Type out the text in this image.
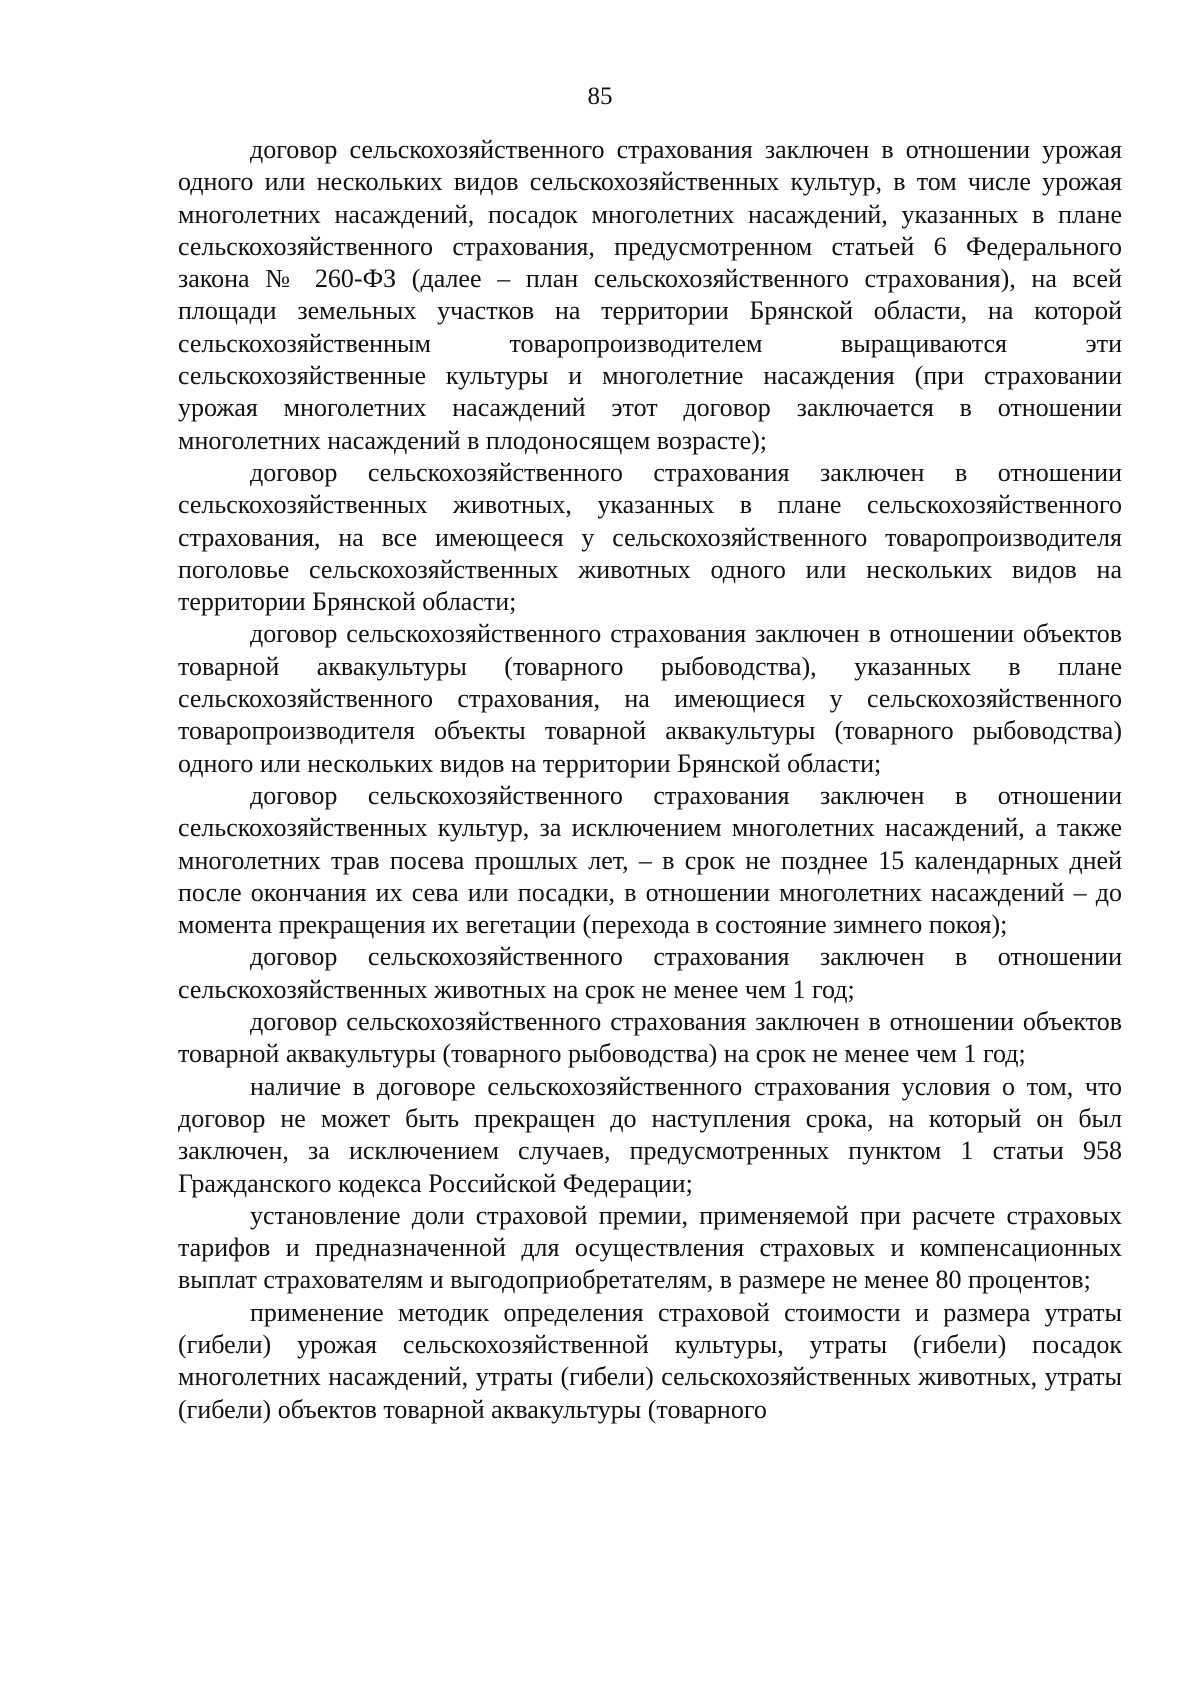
85

договор сельскохозяйственного страхования заключен в отношении урожая одного или нескольких видов сельскохозяйственных культур, в том числе урожая многолетних насаждений, посадок многолетних насаждений, указанных в плане сельскохозяйственного страхования, предусмотренном статьей 6 Федерального закона № 260-ФЗ (далее – план сельскохозяйственного страхования), на всей площади земельных участков на территории Брянской области, на которой сельскохозяйственным товаропроизводителем выращиваются эти сельскохозяйственные культуры и многолетние насаждения (при страховании урожая многолетних насаждений этот договор заключается в отношении многолетних насаждений в плодоносящем возрасте);

договор сельскохозяйственного страхования заключен в отношении сельскохозяйственных животных, указанных в плане сельскохозяйственного страхования, на все имеющееся у сельскохозяйственного товаропроизводителя поголовье сельскохозяйственных животных одного или нескольких видов на территории Брянской области;

договор сельскохозяйственного страхования заключен в отношении объектов товарной аквакультуры (товарного рыбоводства), указанных в плане сельскохозяйственного страхования, на имеющиеся у сельскохозяйственного товаропроизводителя объекты товарной аквакультуры (товарного рыбоводства) одного или нескольких видов на территории Брянской области;

договор сельскохозяйственного страхования заключен в отношении сельскохозяйственных культур, за исключением многолетних насаждений, а также многолетних трав посева прошлых лет, – в срок не позднее 15 календарных дней после окончания их сева или посадки, в отношении многолетних насаждений – до момента прекращения их вегетации (перехода в состояние зимнего покоя);

договор сельскохозяйственного страхования заключен в отношении сельскохозяйственных животных на срок не менее чем 1 год;

договор сельскохозяйственного страхования заключен в отношении объектов товарной аквакультуры (товарного рыбоводства) на срок не менее чем 1 год;

наличие в договоре сельскохозяйственного страхования условия о том, что договор не может быть прекращен до наступления срока, на который он был заключен, за исключением случаев, предусмотренных пунктом 1 статьи 958 Гражданского кодекса Российской Федерации;

установление доли страховой премии, применяемой при расчете страховых тарифов и предназначенной для осуществления страховых и компенсационных выплат страхователям и выгодоприобретателям, в размере не менее 80 процентов;

применение методик определения страховой стоимости и размера утраты (гибели) урожая сельскохозяйственной культуры, утраты (гибели) посадок многолетних насаждений, утраты (гибели) сельскохозяйственных животных, утраты (гибели) объектов товарной аквакультуры (товарного
